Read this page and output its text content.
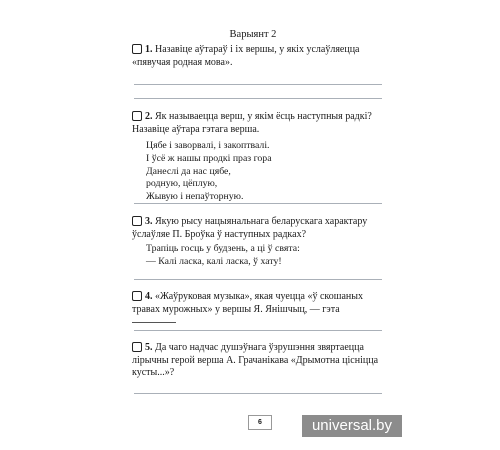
Варыянт 2
1. Назавіце аўтараў і іх вершы, у якіх услаўляецца
«пявучая родная мова».
2. Як называецца верш, у якім ёсць наступныя радкі?
Назавіце аўтара гэтага верша.
Цябе і заворвалі, і закоптвалі.
І ўсё ж нашы продкі праз гора
Данеслі да нас цябе,
родную, цёплую,
Жывую і непаўторную.
3. Якую рысу нацыянальнага беларускага характару
ўслаўляе П. Броўка ў наступных радках?
Трапіць госць у будзень, а ці ў свята:
— Калі ласка, калі ласка, ў хату!
4. «Жаўруковая музыка», якая чуецца «ў скошаных
травах мурожных» у вершы Я. Янішчыц, — гэта
5. Да чаго надчас душэўнага ўзрушэння звяртаецца
лірычны герой верша А. Грачанікава «Дрымотна цісніцца
кусты...»?
6	universal.by
